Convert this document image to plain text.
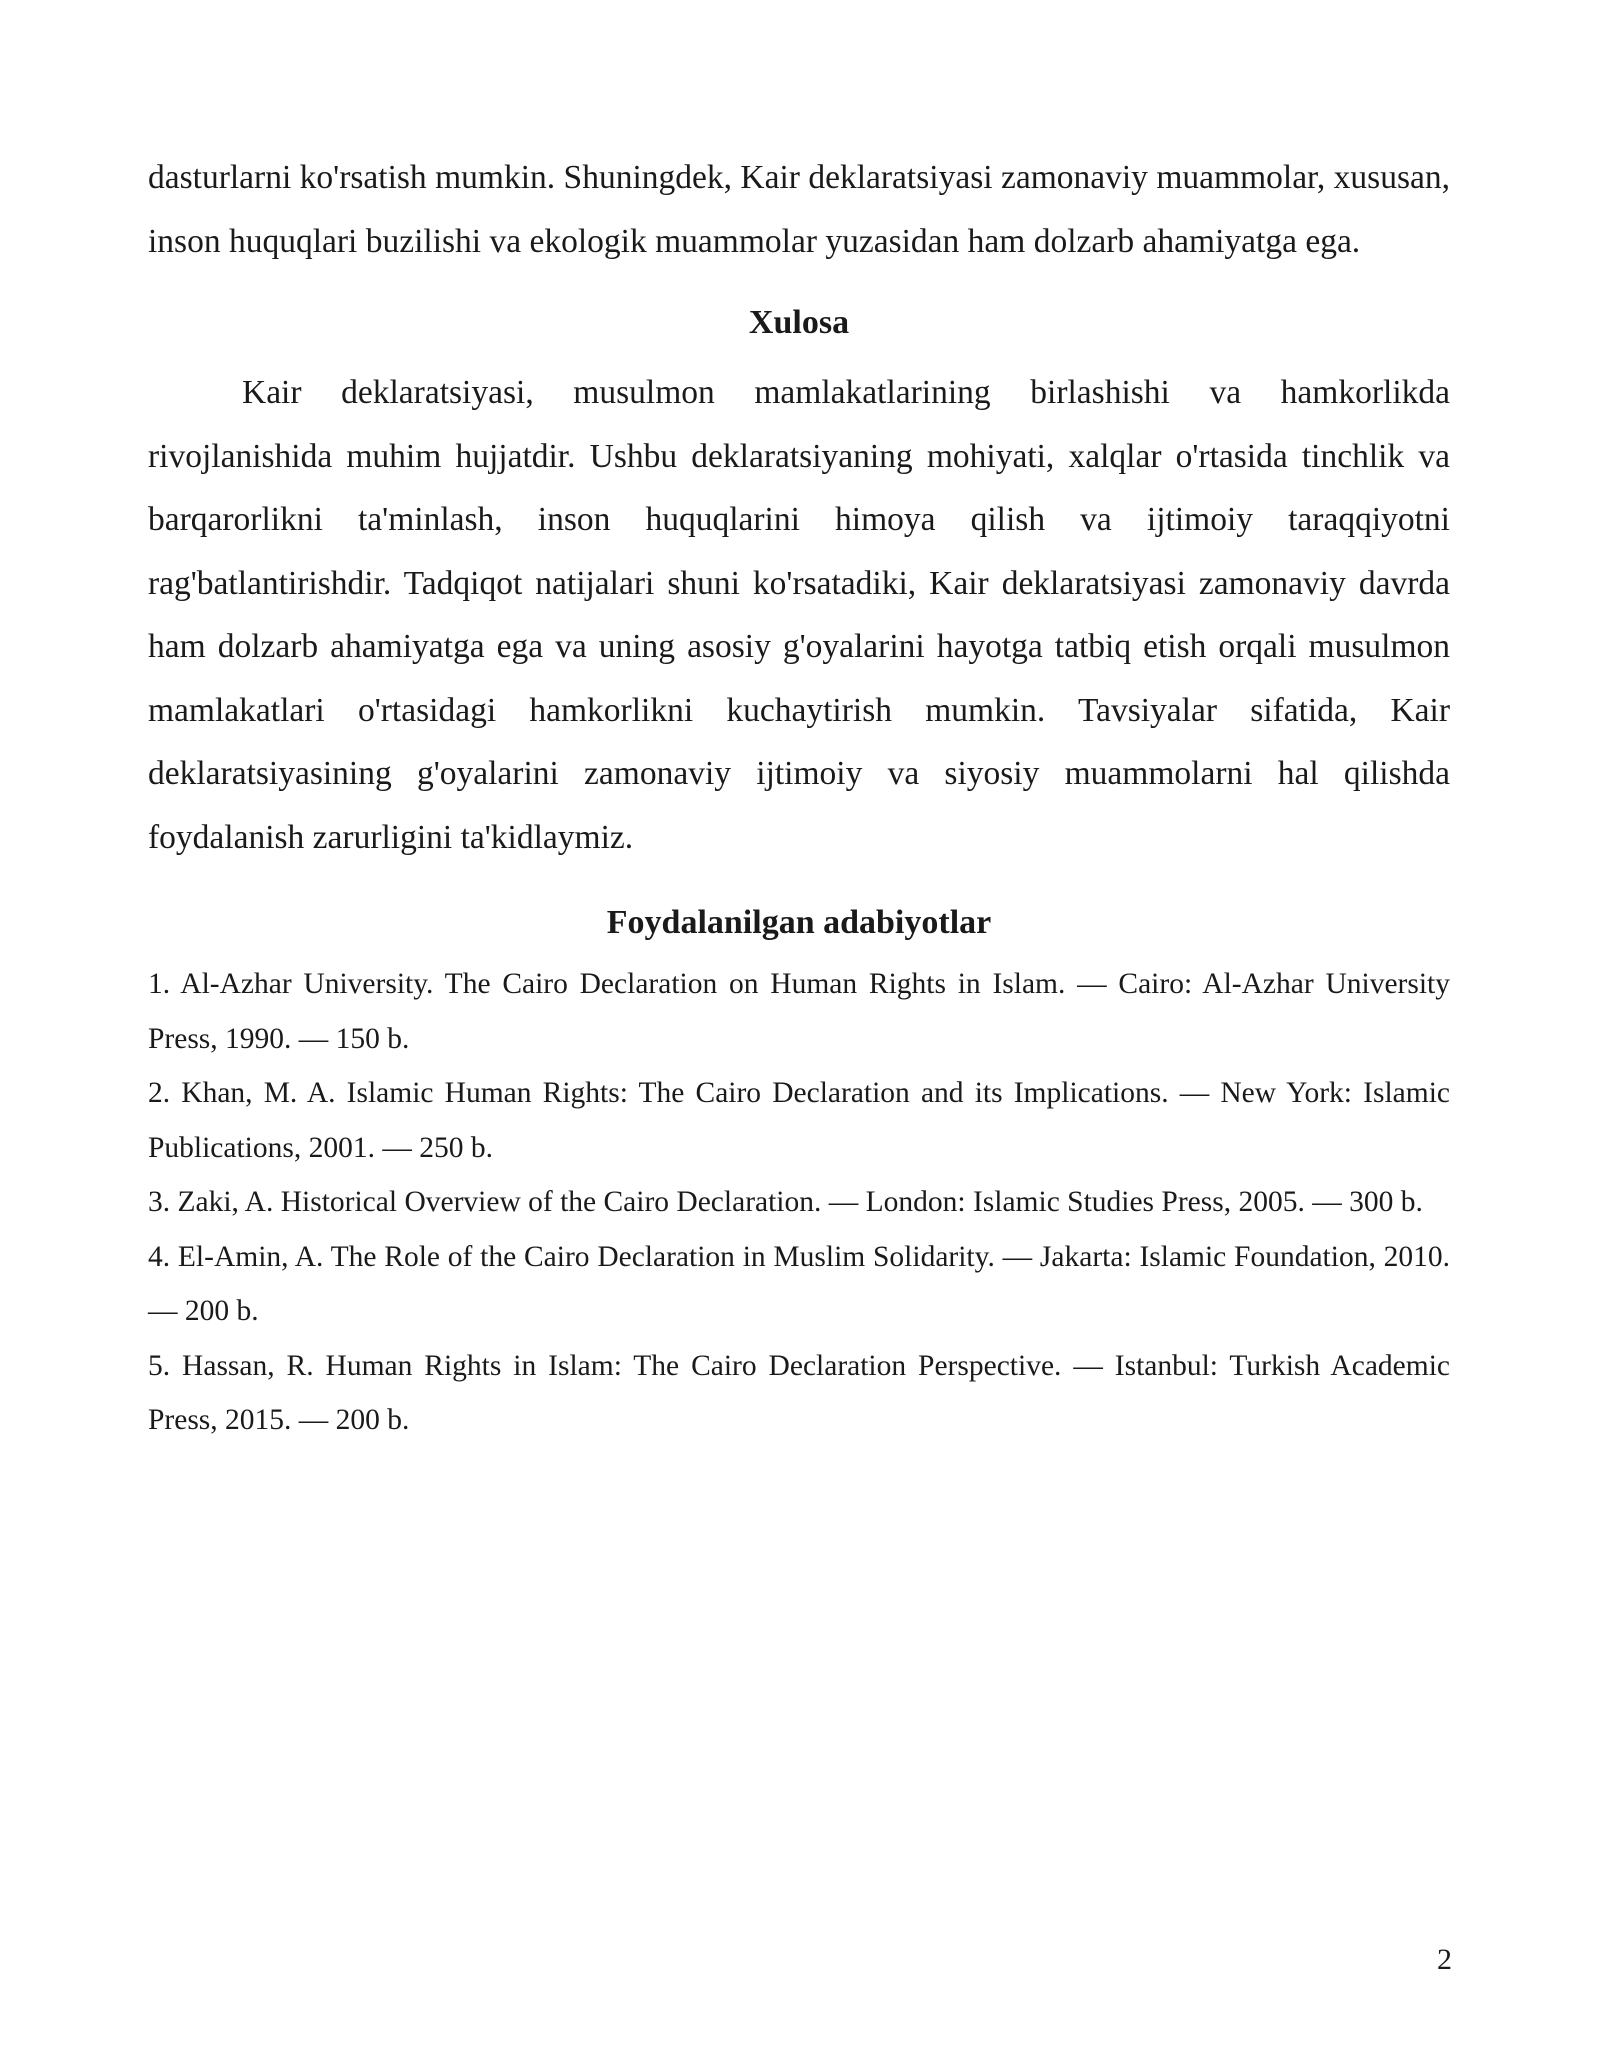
dasturlarni ko'rsatish mumkin. Shuningdek, Kair deklaratsiyasi zamonaviy muammolar, xususan, inson huquqlari buzilishi va ekologik muammolar yuzasidan ham dolzarb ahamiyatga ega.

Xulosa

Kair deklaratsiyasi, musulmon mamlakatlarining birlashishi va hamkorlikda rivojlanishida muhim hujjatdir. Ushbu deklaratsiyaning mohiyati, xalqlar o'rtasida tinchlik va barqarorlikni ta'minlash, inson huquqlarini himoya qilish va ijtimoiy taraqqiyotni rag'batlantirishdir. Tadqiqot natijalari shuni ko'rsatadiki, Kair deklaratsiyasi zamonaviy davrda ham dolzarb ahamiyatga ega va uning asosiy g'oyalarini hayotga tatbiq etish orqali musulmon mamlakatlari o'rtasidagi hamkorlikni kuchaytirish mumkin. Tavsiyalar sifatida, Kair deklaratsiyasining g'oyalarini zamonaviy ijtimoiy va siyosiy muammolarni hal qilishda foydalanish zarurligini ta'kidlaymiz.

Foydalanilgan adabiyotlar
1. Al-Azhar University. The Cairo Declaration on Human Rights in Islam. — Cairo: Al-Azhar University Press, 1990. — 150 b.
2. Khan, M. A. Islamic Human Rights: The Cairo Declaration and its Implications. — New York: Islamic Publications, 2001. — 250 b.
3. Zaki, A. Historical Overview of the Cairo Declaration. — London: Islamic Studies Press, 2005. — 300 b.
4. El-Amin, A. The Role of the Cairo Declaration in Muslim Solidarity. — Jakarta: Islamic Foundation, 2010. — 200 b.
5. Hassan, R. Human Rights in Islam: The Cairo Declaration Perspective. — Istanbul: Turkish Academic Press, 2015. — 200 b.
2
